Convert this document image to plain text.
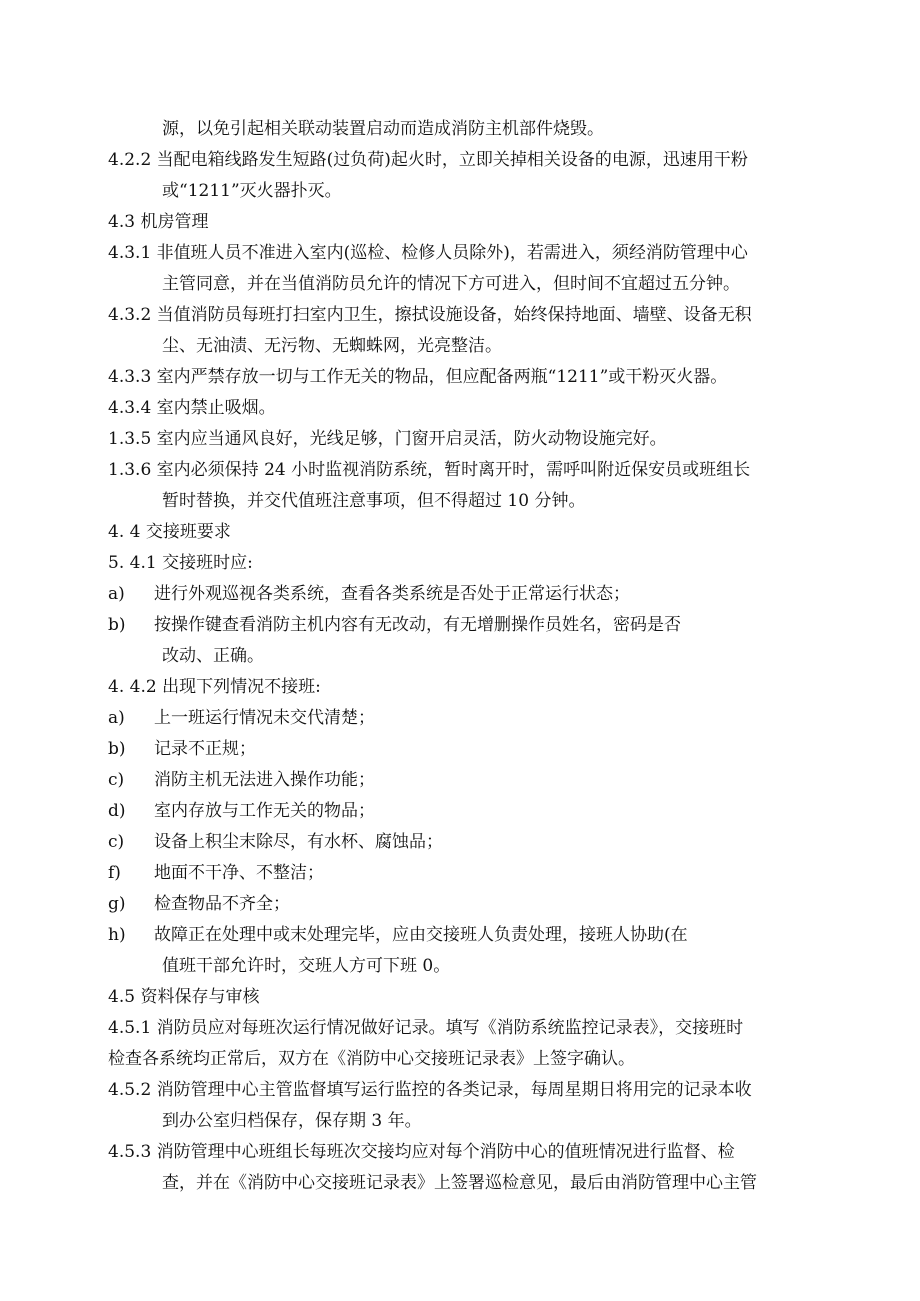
源，以免引起相关联动装置启动而造成消防主机部件烧毁。
4.2.2 当配电箱线路发生短路(过负荷)起火时，立即关掉相关设备的电源，迅速用干粉
或“1211”灭火器扑灭。
4.3 机房管理
4.3.1 非值班人员不准进入室内(巡检、检修人员除外)，若需进入，须经消防管理中心
主管同意，并在当值消防员允许的情况下方可进入，但时间不宜超过五分钟。
4.3.2 当值消防员每班打扫室内卫生，擦拭设施设备，始终保持地面、墙壁、设备无积
尘、无油渍、无污物、无蜘蛛网，光亮整洁。
4.3.3 室内严禁存放一切与工作无关的物品，但应配备两瓶“1211”或干粉灭火器。
4.3.4 室内禁止吸烟。
1.3.5 室内应当通风良好，光线足够，门窗开启灵活，防火动物设施完好。
1.3.6 室内必须保持 24 小时监视消防系统，暂时离开时，需呼叫附近保安员或班组长
暂时替换，并交代值班注意事项，但不得超过 10 分钟。
4. 4 交接班要求
5. 4.1 交接班时应:
a) 进行外观巡视各类系统，查看各类系统是否处于正常运行状态；
b) 按操作键查看消防主机内容有无改动，有无增删操作员姓名，密码是否
改动、正确。
4. 4.2 出现下列情况不接班:
a) 上一班运行情况未交代清楚；
b) 记录不正规；
c) 消防主机无法进入操作功能；
d) 室内存放与工作无关的物品；
c) 设备上积尘末除尽，有水杯、腐蚀品；
f) 地面不干净、不整洁；
g) 检查物品不齐全；
h) 故障正在处理中或末处理完毕，应由交接班人负责处理，接班人协助(在
值班干部允许时，交班人方可下班 0。
4.5 资料保存与审核
4.5.1 消防员应对每班次运行情况做好记录。填写《消防系统监控记录表》，交接班时
检查各系统均正常后，双方在《消防中心交接班记录表》上签字确认。
4.5.2 消防管理中心主管监督填写运行监控的各类记录，每周星期日将用完的记录本收
到办公室归档保存，保存期 3 年。
4.5.3 消防管理中心班组长每班次交接均应对每个消防中心的值班情况进行监督、检
查，并在《消防中心交接班记录表》上签署巡检意见，最后由消防管理中心主管
